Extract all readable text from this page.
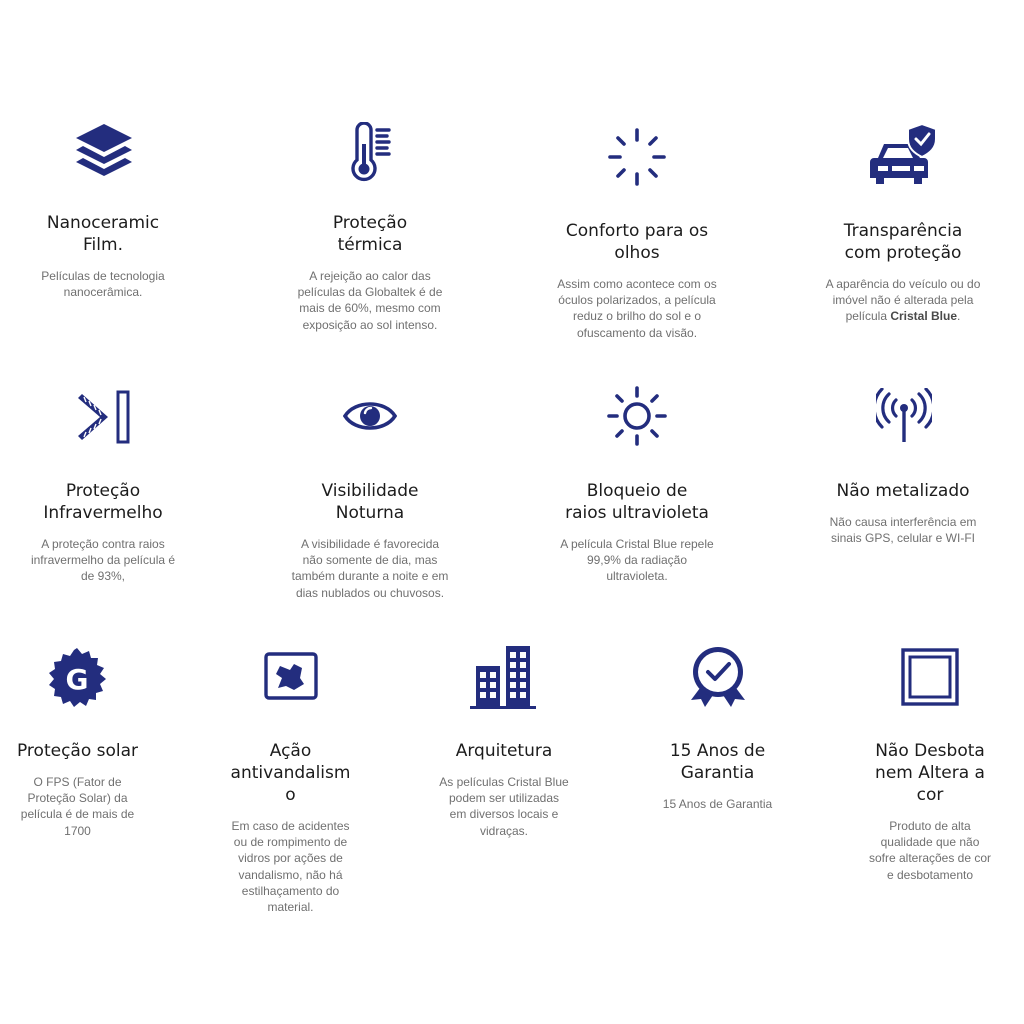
Nanoceramic
Film.

Películas de tecnologia
nanocerâmica.

Proteção
térmica

A rejeição ao calor das
películas da Globaltek é de
mais de 60%, mesmo com
exposição ao sol intenso.

Conforto para os
olhos

Assim como acontece com os
óculos polarizados, a película
reduz o brilho do sol e o
ofuscamento da visão.

Transparência
com proteção

A aparência do veículo ou do
imóvel não é alterada pela
película Cristal Blue.

Proteção
Infravermelho

A proteção contra raios
infravermelho da película é
de 93%,

Visibilidade
Noturna

A visibilidade é favorecida
não somente de dia, mas
também durante a noite e em
dias nublados ou chuvosos.

Bloqueio de
raios ultravioleta

A película Cristal Blue repele
99,9% da radiação
ultravioleta.

Não metalizado

Não causa interferência em
sinais GPS, celular e WI-FI

G
Proteção solar

O FPS (Fator de
Proteção Solar) da
película é de mais de
1700

Ação
antivandalism
o

Em caso de acidentes
ou de rompimento de
vidros por ações de
vandalismo, não há
estilhaçamento do
material.

Arquitetura

As películas Cristal Blue
podem ser utilizadas
em diversos locais e
vidraças.

15 Anos de
Garantia

15 Anos de Garantia

Não Desbota
nem Altera a
cor

Produto de alta
qualidade que não
sofre alterações de cor
e desbotamento
